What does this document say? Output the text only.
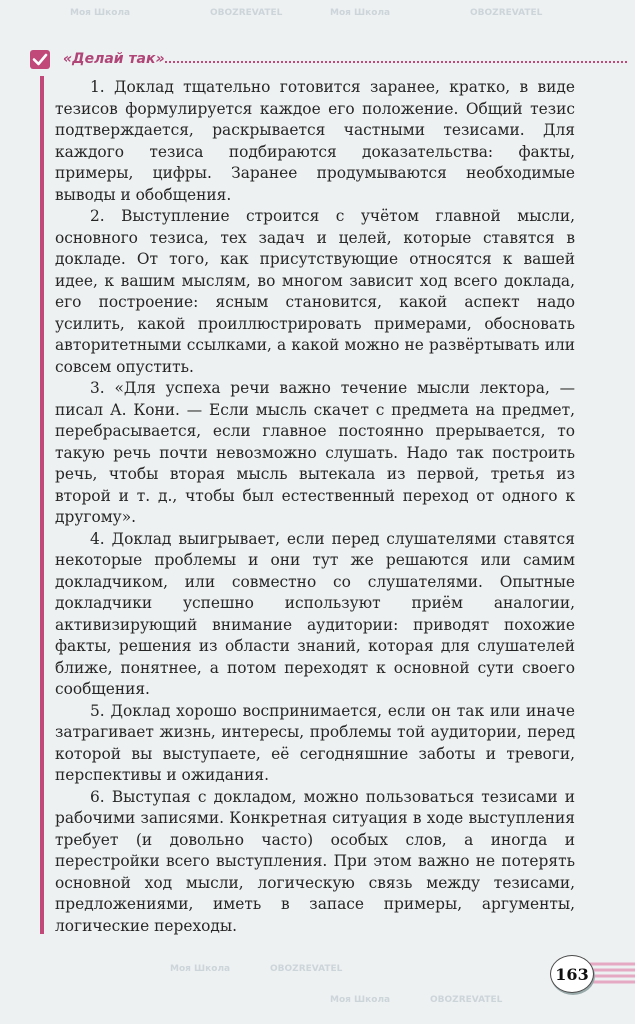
Моя Школа	OBOZREVATEL	Моя Школа	OBOZREVATEL
Моя Школа	OBOZREVATEL
Моя Школа	OBOZREVATEL
«Делай так»

1. Доклад тщательно готовится заранее, кратко, в виде тезисов формулируется каждое его положение. Общий тезис подтверждается, раскрывается частными тезисами. Для каждого тезиса подбираются доказательства: факты, примеры, цифры. Заранее продумываются необходимые выводы и обобщения.

2. Выступление строится с учётом главной мысли, основного тезиса, тех задач и целей, которые ставятся в докладе. От того, как присутствующие относятся к вашей идее, к вашим мыслям, во многом зависит ход всего доклада, его построение: ясным становится, какой аспект надо усилить, какой проиллюстрировать примерами, обосновать авторитетными ссылками, а какой можно не развёртывать или совсем опустить.

3. «Для успеха речи важно течение мысли лектора, — писал А. Кони. — Если мысль скачет с предмета на предмет, перебрасывается, если главное постоянно прерывается, то такую речь почти невозможно слушать. Надо так построить речь, чтобы вторая мысль вытекала из первой, третья из второй и т. д., чтобы был естественный переход от одного к другому».

4. Доклад выигрывает, если перед слушателями ставятся некоторые проблемы и они тут же решаются или самим докладчиком, или совместно со слушателями. Опытные докладчики успешно используют приём аналогии, активизирующий внимание аудитории: приводят похожие факты, решения из области знаний, которая для слушателей ближе, понятнее, а потом переходят к основной сути своего сообщения.

5. Доклад хорошо воспринимается, если он так или иначе затрагивает жизнь, интересы, проблемы той аудитории, перед которой вы выступаете, её сегодняшние заботы и тревоги, перспективы и ожидания.

6. Выступая с докладом, можно пользоваться тезисами и рабочими записями. Конкретная ситуация в ходе выступления требует (и довольно часто) особых слов, а иногда и перестройки всего выступления. При этом важно не потерять основной ход мысли, логическую связь между тезисами, предложениями, иметь в запасе примеры, аргументы, логические переходы.

163
